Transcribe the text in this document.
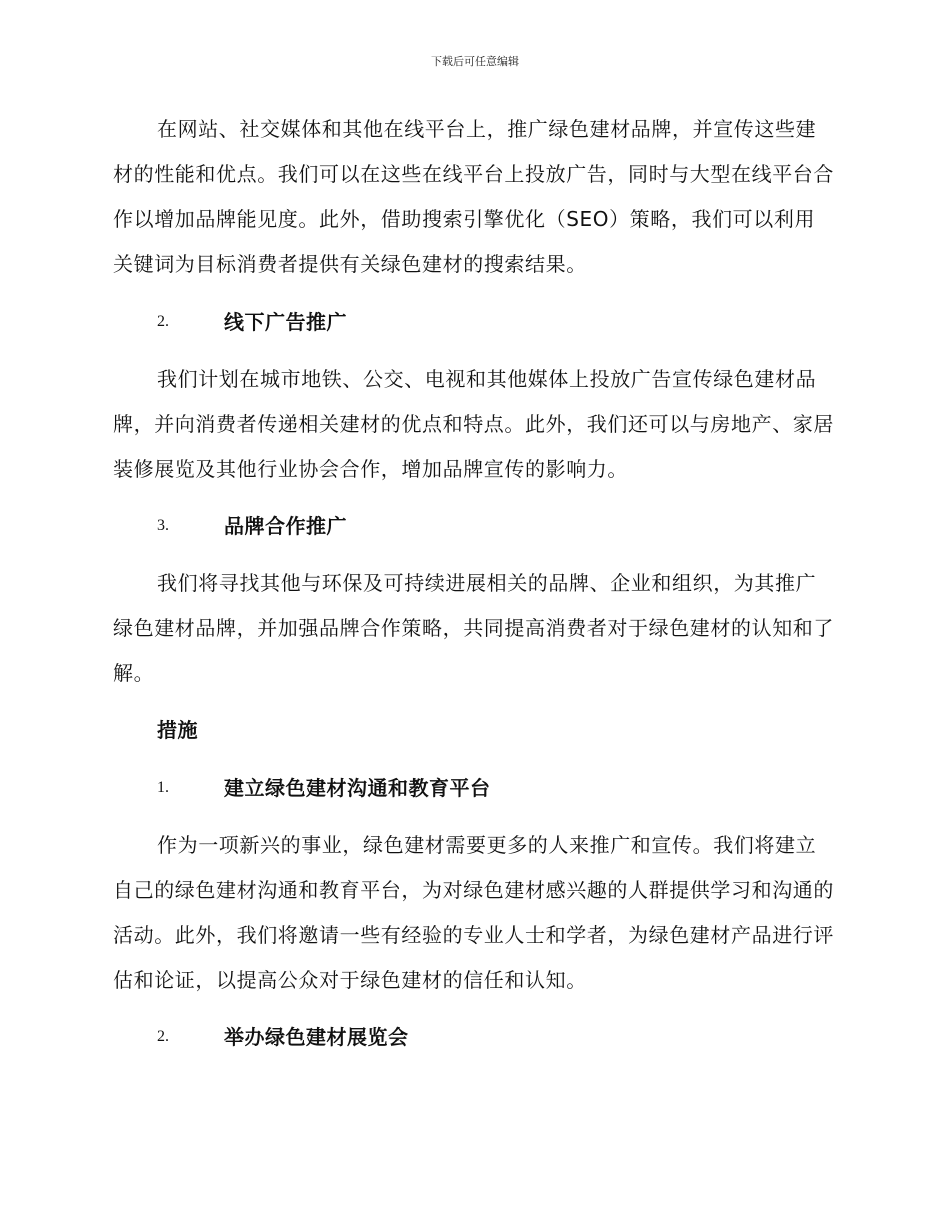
下载后可任意编辑

在网站、社交媒体和其他在线平台上，推广绿色建材品牌，并宣传这些建材的性能和优点。我们可以在这些在线平台上投放广告，同时与大型在线平台合作以增加品牌能见度。此外，借助搜索引擎优化（SEO）策略，我们可以利用关键词为目标消费者提供有关绿色建材的搜索结果。

2.	线下广告推广

我们计划在城市地铁、公交、电视和其他媒体上投放广告宣传绿色建材品牌，并向消费者传递相关建材的优点和特点。此外，我们还可以与房地产、家居装修展览及其他行业协会合作，增加品牌宣传的影响力。

3.	品牌合作推广

我们将寻找其他与环保及可持续进展相关的品牌、企业和组织，为其推广绿色建材品牌，并加强品牌合作策略，共同提高消费者对于绿色建材的认知和了解。

措施
1.	建立绿色建材沟通和教育平台

作为一项新兴的事业，绿色建材需要更多的人来推广和宣传。我们将建立自己的绿色建材沟通和教育平台，为对绿色建材感兴趣的人群提供学习和沟通的活动。此外，我们将邀请一些有经验的专业人士和学者，为绿色建材产品进行评估和论证，以提高公众对于绿色建材的信任和认知。

2.	举办绿色建材展览会
